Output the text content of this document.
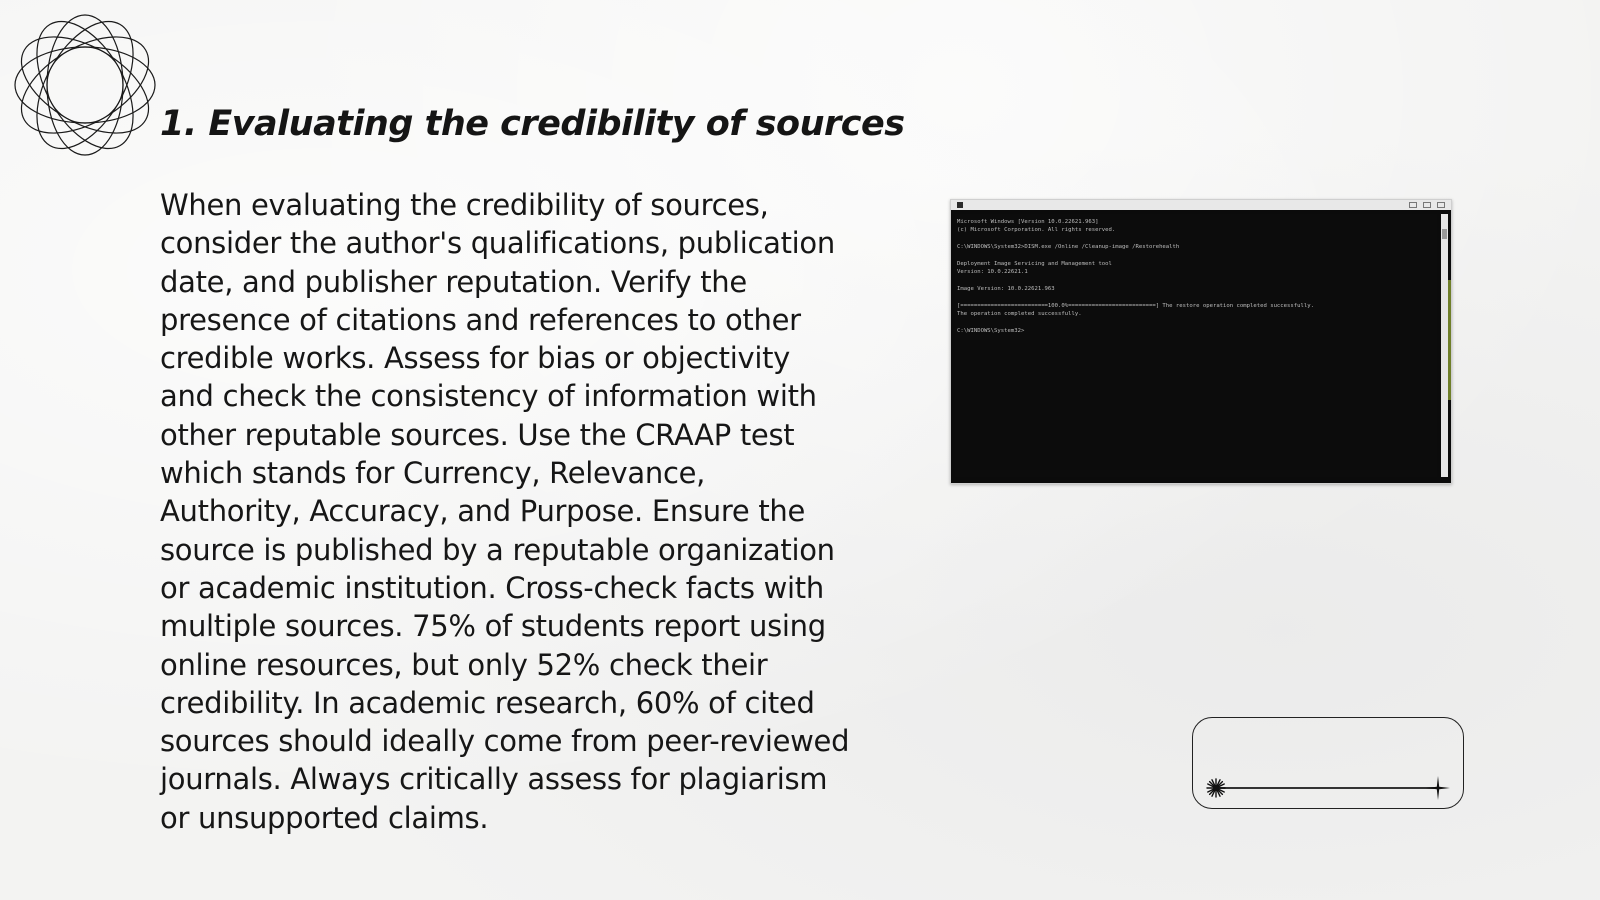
1. Evaluating the credibility of sources

When evaluating the credibility of sources, consider the author's qualifications, publication date, and publisher reputation. Verify the presence of citations and references to other credible works. Assess for bias or objectivity and check the consistency of information with other reputable sources. Use the CRAAP test which stands for Currency, Relevance, Authority, Accuracy, and Purpose. Ensure the source is published by a reputable organization or academic institution. Cross-check facts with multiple sources. 75% of students report using online resources, but only 52% check their credibility. In academic research, 60% of cited sources should ideally come from peer-reviewed journals. Always critically assess for plagiarism or unsupported claims.

Microsoft Windows [Version 10.0.22621.963]
(c) Microsoft Corporation. All rights reserved.
C:\WINDOWS\System32>DISM.exe /Online /Cleanup-image /Restorehealth
Deployment Image Servicing and Management tool
Version: 10.0.22621.1
Image Version: 10.0.22621.963
[==========================100.0%==========================] The restore operation completed successfully.
The operation completed successfully.
C:\WINDOWS\System32>
